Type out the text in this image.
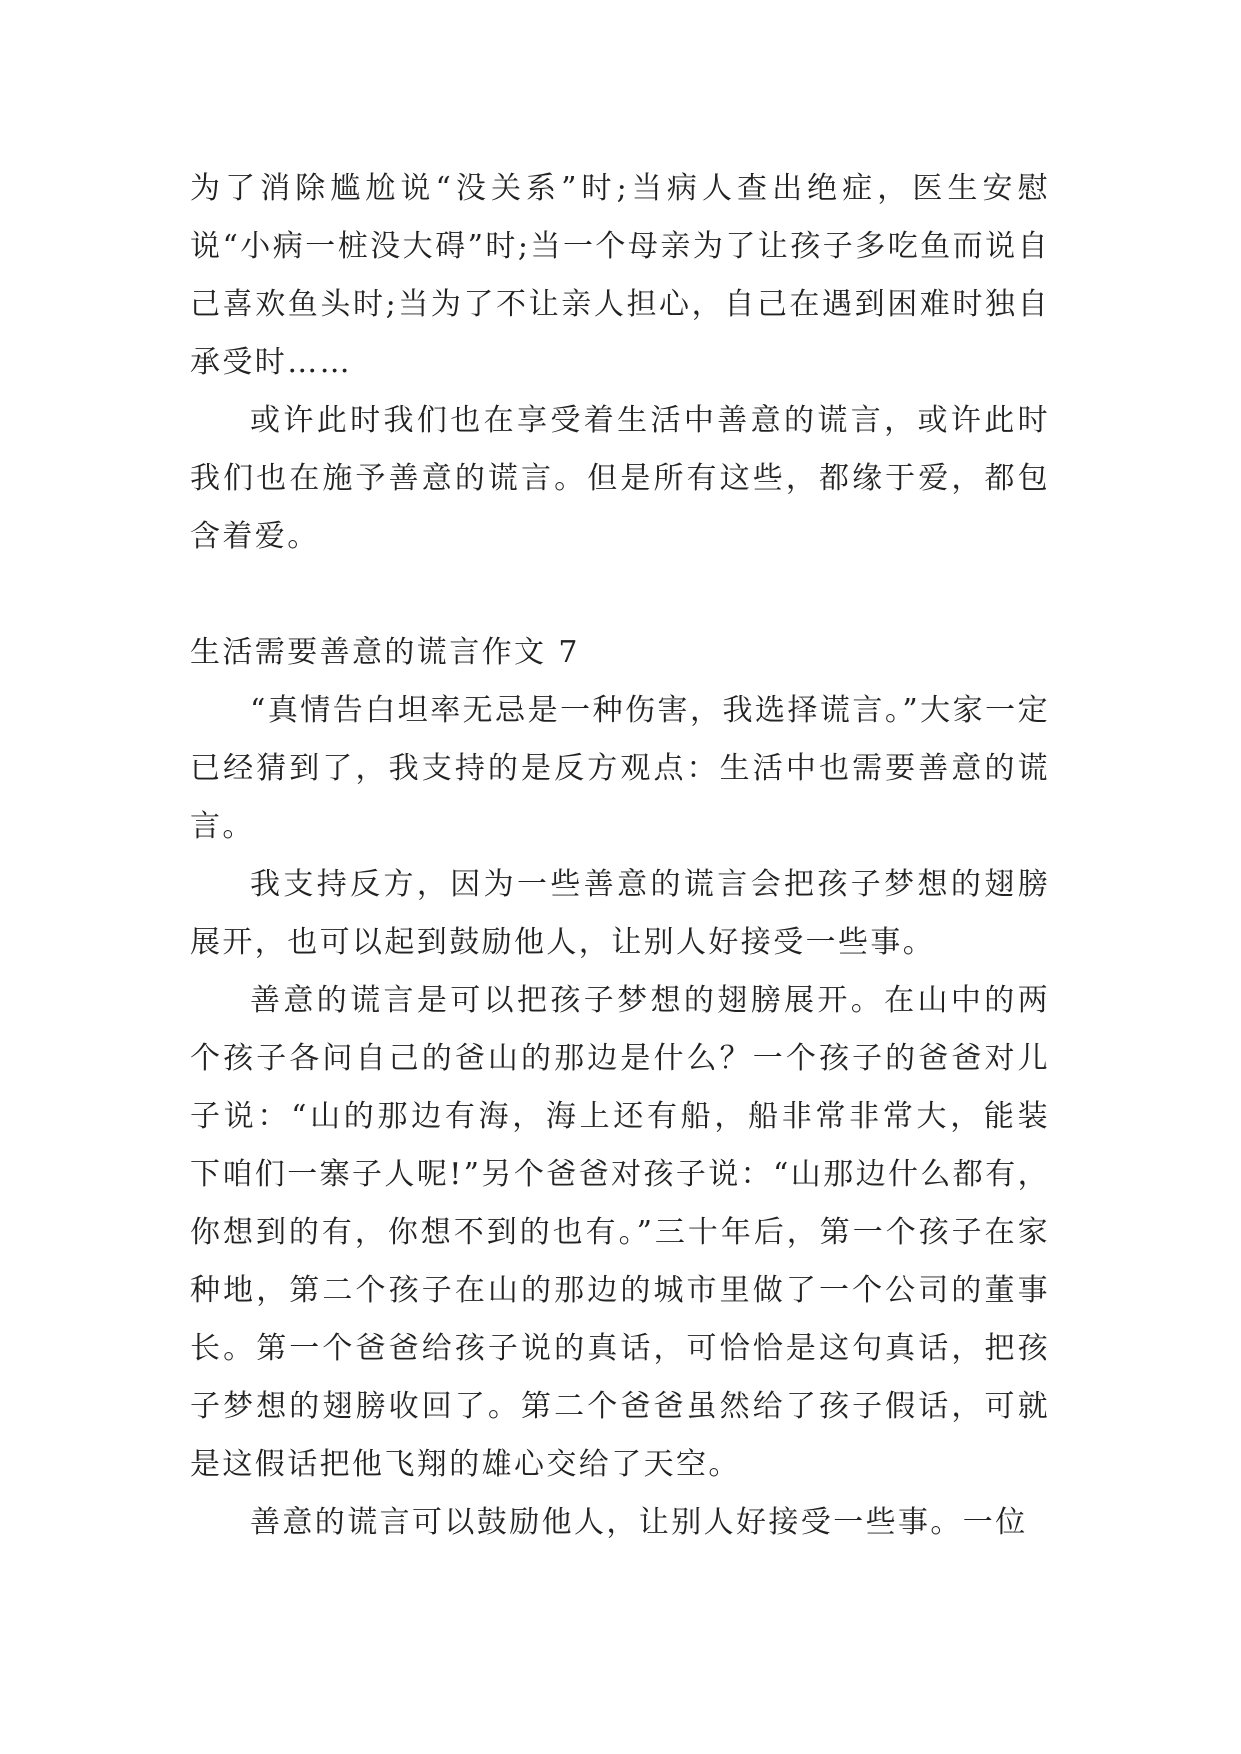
为了消除尴尬说“没关系”时;当病人查出绝症，医生安慰说“小病一桩没大碍”时;当一个母亲为了让孩子多吃鱼而说自己喜欢鱼头时;当为了不让亲人担心，自己在遇到困难时独自承受时……

或许此时我们也在享受着生活中善意的谎言，或许此时我们也在施予善意的谎言。但是所有这些，都缘于爱，都包含着爱。

生活需要善意的谎言作文 7

“真情告白坦率无忌是一种伤害，我选择谎言。”大家一定已经猜到了，我支持的是反方观点：生活中也需要善意的谎言。

我支持反方，因为一些善意的谎言会把孩子梦想的翅膀展开，也可以起到鼓励他人，让别人好接受一些事。

善意的谎言是可以把孩子梦想的翅膀展开。在山中的两个孩子各问自己的爸山的那边是什么？一个孩子的爸爸对儿子说：“山的那边有海，海上还有船，船非常非常大，能装下咱们一寨子人呢!”另个爸爸对孩子说：“山那边什么都有，你想到的有，你想不到的也有。”三十年后，第一个孩子在家种地，第二个孩子在山的那边的城市里做了一个公司的董事长。第一个爸爸给孩子说的真话，可恰恰是这句真话，把孩子梦想的翅膀收回了。第二个爸爸虽然给了孩子假话，可就是这假话把他飞翔的雄心交给了天空。

善意的谎言可以鼓励他人，让别人好接受一些事。一位
